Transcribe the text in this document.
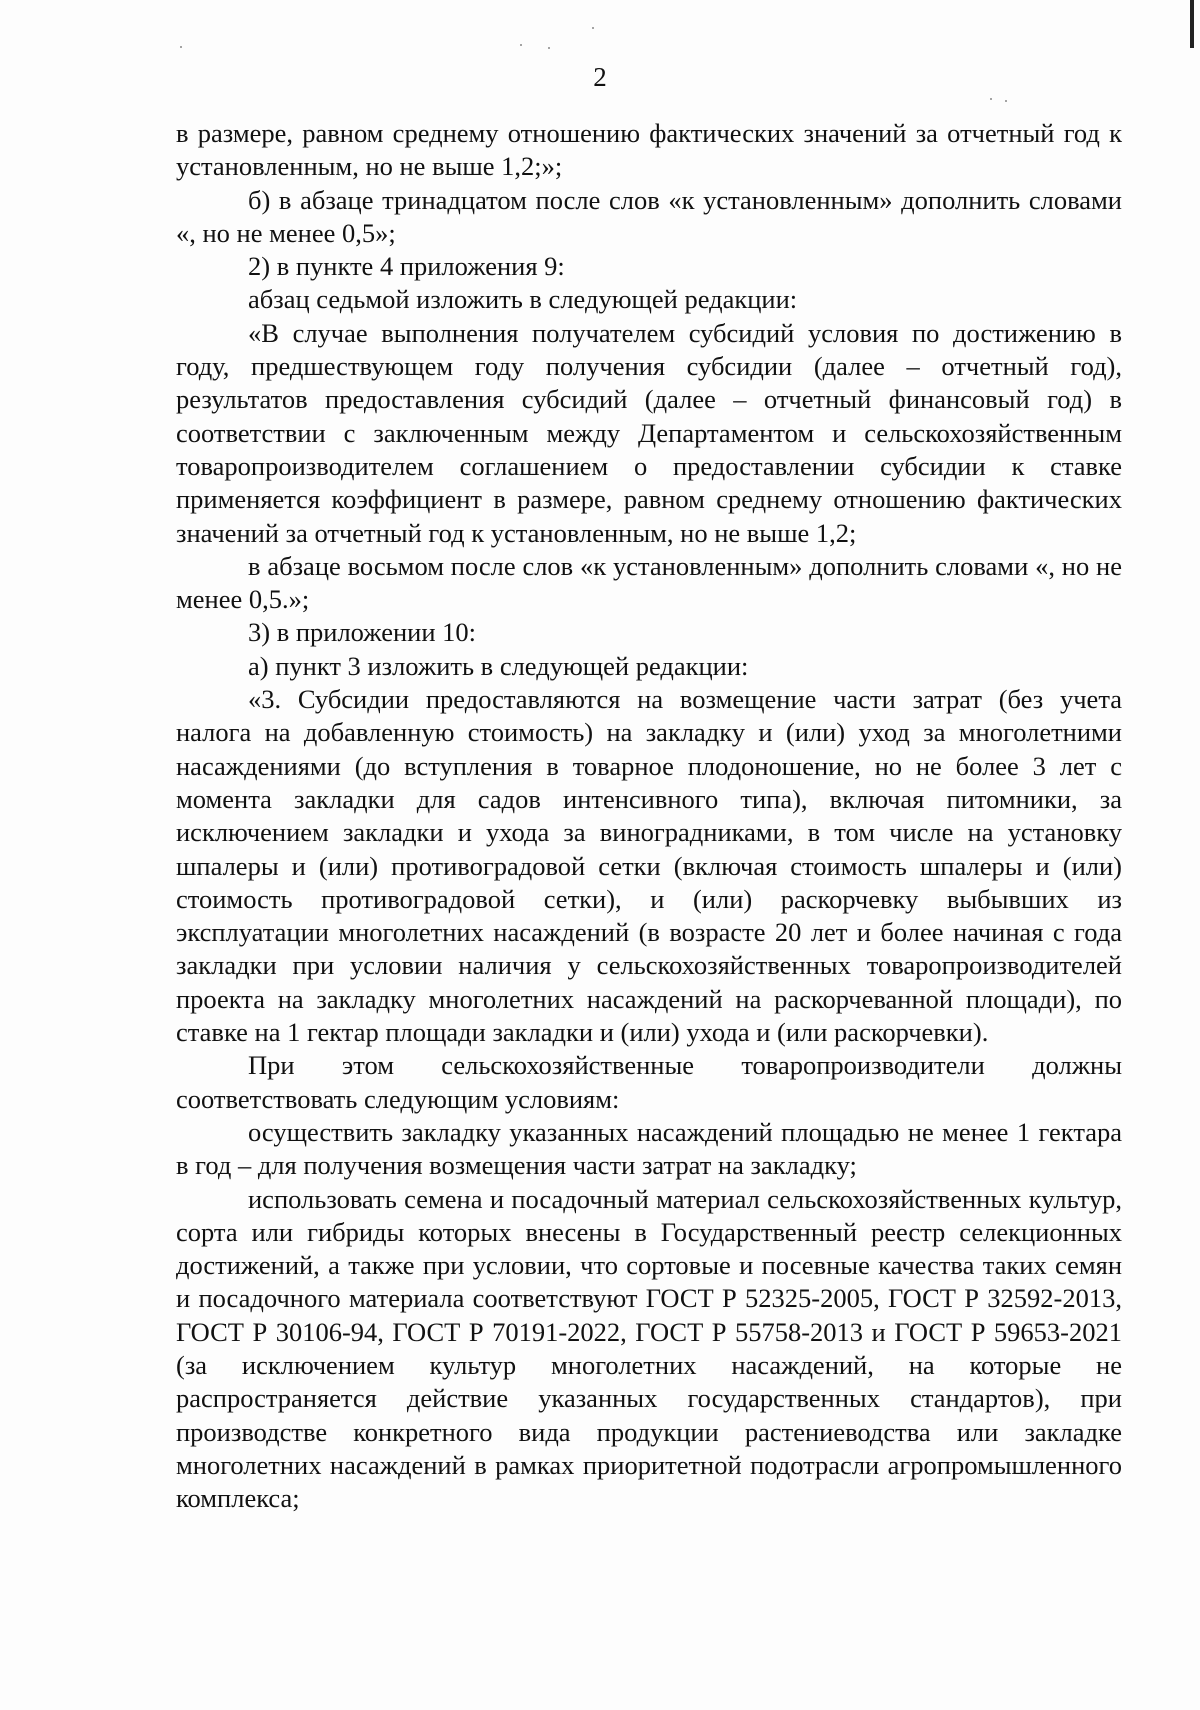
2

в размере, равном среднему отношению фактических значений за отчетный год к установленным, но не выше 1,2;»;

б) в абзаце тринадцатом после слов «к установленным» дополнить словами «, но не менее 0,5»;

2) в пункте 4 приложения 9:

абзац седьмой изложить в следующей редакции:

«В случае выполнения получателем субсидий условия по достижению в году, предшествующем году получения субсидии (далее – отчетный год), результатов предоставления субсидий (далее – отчетный финансовый год) в соответствии с заключенным между Департаментом и сельскохозяйственным товаропроизводителем соглашением о предоставлении субсидии к ставке применяется коэффициент в размере, равном среднему отношению фактических значений за отчетный год к установленным, но не выше 1,2;

в абзаце восьмом после слов «к установленным» дополнить словами «, но не менее 0,5.»;

3) в приложении 10:

а) пункт 3 изложить в следующей редакции:

«3. Субсидии предоставляются на возмещение части затрат (без учета налога на добавленную стоимость) на закладку и (или) уход за многолетними насаждениями (до вступления в товарное плодоношение, но не более 3 лет с момента закладки для садов интенсивного типа), включая питомники, за исключением закладки и ухода за виноградниками, в том числе на установку шпалеры и (или) противоградовой сетки (включая стоимость шпалеры и (или) стоимость противоградовой сетки), и (или) раскорчевку выбывших из эксплуатации многолетних насаждений (в возрасте 20 лет и более начиная с года закладки при условии наличия у сельскохозяйственных товаропроизводителей проекта на закладку многолетних насаждений на раскорчеванной площади), по ставке на 1 гектар площади закладки и (или) ухода и (или раскорчевки).

При этом сельскохозяйственные товаропроизводители должны соответствовать следующим условиям:

осуществить закладку указанных насаждений площадью не менее 1 гектара в год – для получения возмещения части затрат на закладку;

использовать семена и посадочный материал сельскохозяйственных культур, сорта или гибриды которых внесены в Государственный реестр селекционных достижений, а также при условии, что сортовые и посевные качества таких семян и посадочного материала соответствуют ГОСТ Р 52325-2005, ГОСТ Р 32592-2013, ГОСТ Р 30106-94, ГОСТ Р 70191-2022, ГОСТ Р 55758-2013 и ГОСТ Р 59653-2021 (за исключением культур многолетних насаждений, на которые не распространяется действие указанных государственных стандартов), при производстве конкретного вида продукции растениеводства или закладке многолетних насаждений в рамках приоритетной подотрасли агропромышленного комплекса;
